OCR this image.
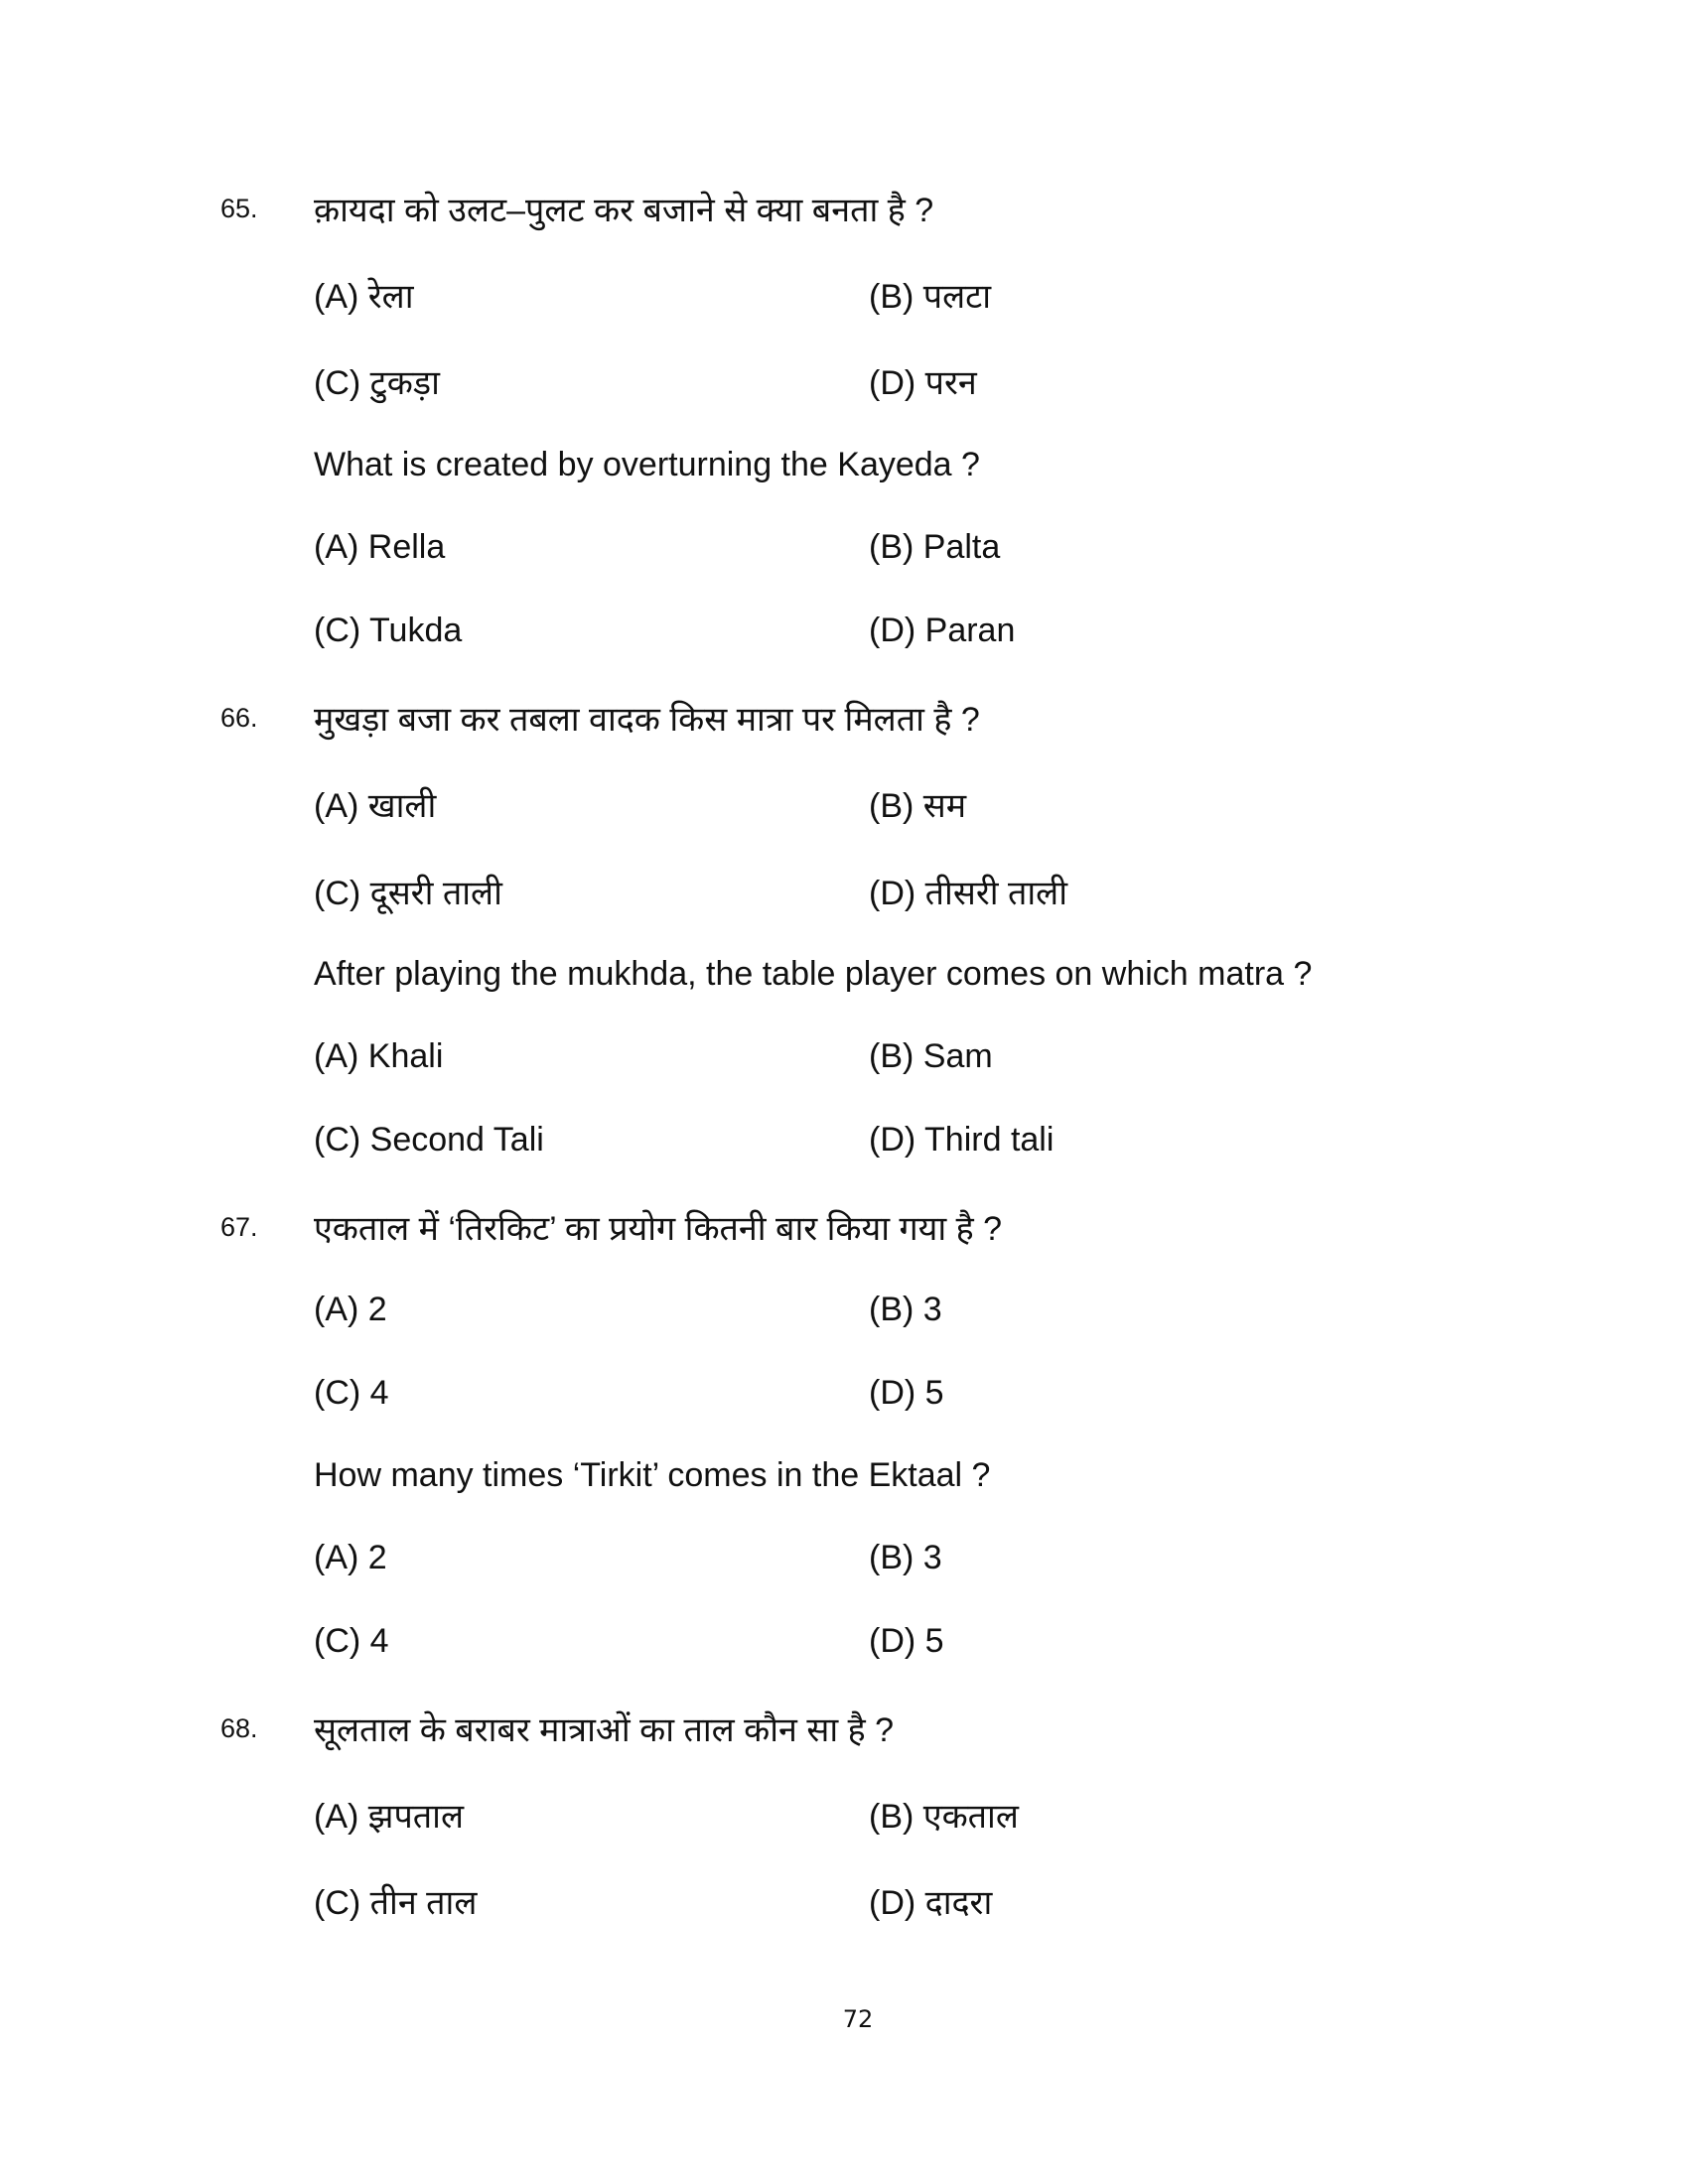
65. क़ायदा को उलट–पुलट कर बजाने से क्या बनता है ?
(A) रेला	(B) पलटा
(C) टुकड़ा	(D) परन
What is created by overturning the Kayeda ?
(A) Rella	(B) Palta
(C) Tukda	(D) Paran
66. मुखड़ा बजा कर तबला वादक किस मात्रा पर मिलता है ?
(A) खाली	(B) सम
(C) दूसरी ताली	(D) तीसरी ताली
After playing the mukhda, the table player comes on which matra ?
(A) Khali	(B) Sam
(C) Second Tali	(D) Third tali
67. एकताल में ‘तिरकिट’ का प्रयोग कितनी बार किया गया है ?
(A) 2	(B) 3
(C) 4	(D) 5
How many times ‘Tirkit’ comes in the Ektaal ?
(A) 2	(B) 3
(C) 4	(D) 5
68. सूलताल के बराबर मात्राओं का ताल कौन सा है ?
(A) झपताल	(B) एकताल
(C) तीन ताल	(D) दादरा
72
